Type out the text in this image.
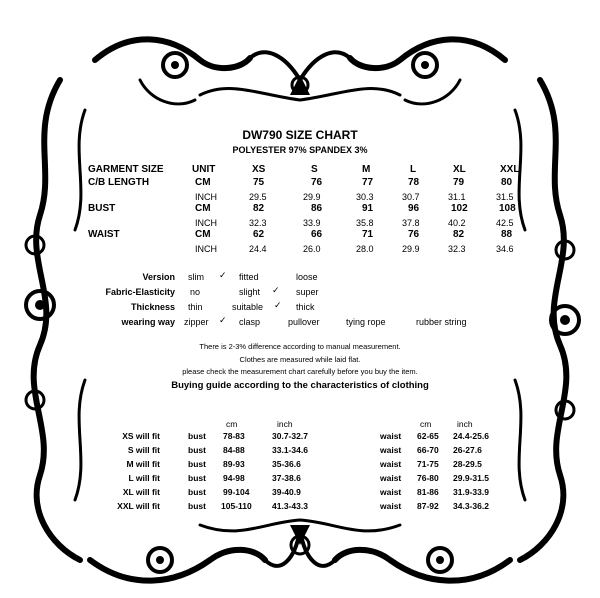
DW790 SIZE CHART
POLYESTER 97% SPANDEX 3%
GARMENT SIZE	UNIT	XS	S	M	L	XL	XXL
C/B LENGTH	CM	75	76	77	78	79	80
INCH	29.5	29.9	30.3	30.7	31.1	31.5
BUST	CM	82	86	91	96	102	108
INCH	32.3	33.9	35.8	37.8	40.2	42.5
WAIST	CM	62	66	71	76	82	88
INCH	24.4	26.0	28.0	29.9	32.3	34.6
Version slim ✓ fitted	loose
Fabric-Elasticity no	slight ✓ super
Thickness thin	suitable ✓ thick
wearing way zipper ✓ clasp	pullover	tying rope	rubber string
There is 2-3% difference according to manual measurement.
Clothes are measured while laid flat.
please check the measurement chart carefully before you buy the item.
Buying guide according to the characteristics of clothing
cm	inch	cm	inch
XS will fit	bust 78-83	30.7-32.7	waist 62-65 24.4-25.6
S will fit	bust 84-88	33.1-34.6	waist 66-70 26-27.6
M will fit	bust 89-93	35-36.6	waist 71-75 28-29.5
L will fit	bust 94-98	37-38.6	waist 76-80 29.9-31.5
XL will fit	bust 99-104	39-40.9	waist 81-86 31.9-33.9
XXL will fit	bust 105-110 41.3-43.3	waist 87-92 34.3-36.2
